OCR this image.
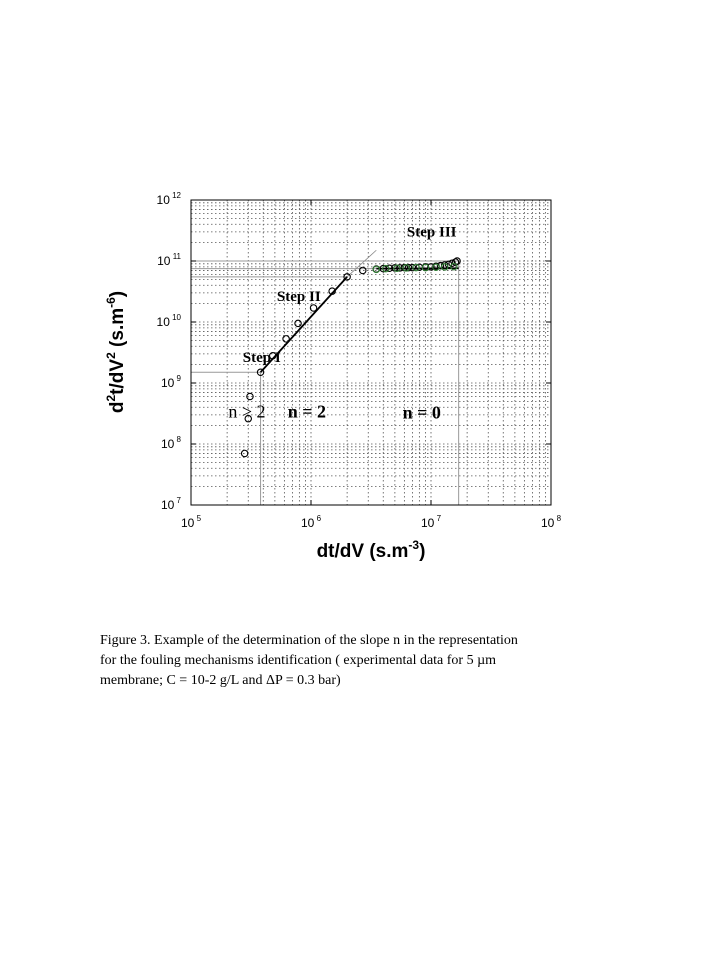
10 $^5$	10 $^6$	10 $^7$	10 $^8$
10 $^7$
10 $^8$
10 $^9$
10 $^{10}$
10 $^{11}$
10 $^{12}$
Step III
Step II
Step I
n > 2 n = 2	n = 0
dt/dV $(s.m^{-3})$
$d^2t/dV^2$ $(s.m^{-6})$

Figure 3. Example of the determination of the slope n in the representation

for the fouling mechanisms identification ( experimental data for 5 µm

membrane; C = 10-2 g/L and ΔP = 0.3 bar)
